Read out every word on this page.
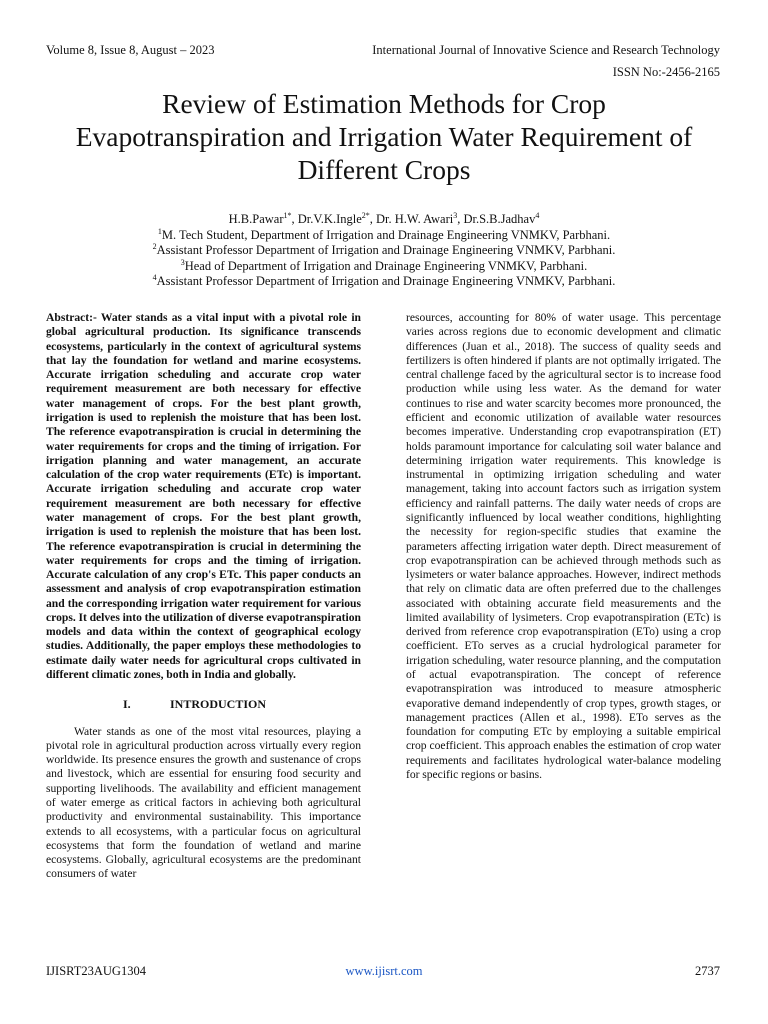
Volume 8, Issue 8, August – 2023	International Journal of Innovative Science and Research Technology
ISSN No:-2456-2165
Review of Estimation Methods for Crop Evapotranspiration and Irrigation Water Requirement of Different Crops
H.B.Pawar$^{1*}$, Dr.V.K.Ingle$^{2*}$, Dr. H.W. Awari$^3$, Dr.S.B.Jadhav$^4$
$^1$M. Tech Student, Department of Irrigation and Drainage Engineering VNMKV, Parbhani.
$^2$Assistant Professor Department of Irrigation and Drainage Engineering VNMKV, Parbhani.
$^3$Head of Department of Irrigation and Drainage Engineering VNMKV, Parbhani.
$^4$Assistant Professor Department of Irrigation and Drainage Engineering VNMKV, Parbhani.

Abstract:- Water stands as a vital input with a pivotal role in global agricultural production. Its significance transcends ecosystems, particularly in the context of agricultural systems that lay the foundation for wetland and marine ecosystems. Accurate irrigation scheduling and accurate crop water requirement measurement are both necessary for effective water management of crops. For the best plant growth, irrigation is used to replenish the moisture that has been lost. The reference evapotranspiration is crucial in determining the water requirements for crops and the timing of irrigation. For irrigation planning and water management, an accurate calculation of the crop water requirements (ETc) is important. Accurate irrigation scheduling and accurate crop water requirement measurement are both necessary for effective water management of crops. For the best plant growth, irrigation is used to replenish the moisture that has been lost. The reference evapotranspiration is crucial in determining the water requirements for crops and the timing of irrigation. Accurate calculation of any crop's ETc. This paper conducts an assessment and analysis of crop evapotranspiration estimation and the corresponding irrigation water requirement for various crops. It delves into the utilization of diverse evapotranspiration models and data within the context of geographical ecology studies. Additionally, the paper employs these methodologies to estimate daily water needs for agricultural crops cultivated in different climatic zones, both in India and globally.

I.	INTRODUCTION

Water stands as one of the most vital resources, playing a pivotal role in agricultural production across virtually every region worldwide. Its presence ensures the growth and sustenance of crops and livestock, which are essential for ensuring food security and supporting livelihoods. The availability and efficient management of water emerge as critical factors in achieving both agricultural productivity and environmental sustainability. This importance extends to all ecosystems, with a particular focus on agricultural ecosystems that form the foundation of wetland and marine ecosystems. Globally, agricultural ecosystems are the predominant consumers of water

resources, accounting for 80% of water usage. This percentage varies across regions due to economic development and climatic differences (Juan et al., 2018). The success of quality seeds and fertilizers is often hindered if plants are not optimally irrigated. The central challenge faced by the agricultural sector is to increase food production while using less water. As the demand for water continues to rise and water scarcity becomes more pronounced, the efficient and economic utilization of available water resources becomes imperative. Understanding crop evapotranspiration (ET) holds paramount importance for calculating soil water balance and determining irrigation water requirements. This knowledge is instrumental in optimizing irrigation scheduling and water management, taking into account factors such as irrigation system efficiency and rainfall patterns. The daily water needs of crops are significantly influenced by local weather conditions, highlighting the necessity for region-specific studies that examine the parameters affecting irrigation water depth. Direct measurement of crop evapotranspiration can be achieved through methods such as lysimeters or water balance approaches. However, indirect methods that rely on climatic data are often preferred due to the challenges associated with obtaining accurate field measurements and the limited availability of lysimeters. Crop evapotranspiration (ETc) is derived from reference crop evapotranspiration (ETo) using a crop coefficient. ETo serves as a crucial hydrological parameter for irrigation scheduling, water resource planning, and the computation of actual evapotranspiration. The concept of reference evapotranspiration was introduced to measure atmospheric evaporative demand independently of crop types, growth stages, or management practices (Allen et al., 1998). ETo serves as the foundation for computing ETc by employing a suitable empirical crop coefficient. This approach enables the estimation of crop water requirements and facilitates hydrological water-balance modeling for specific regions or basins.

IJISRT23AUG1304	www.ijisrt.com	2737
